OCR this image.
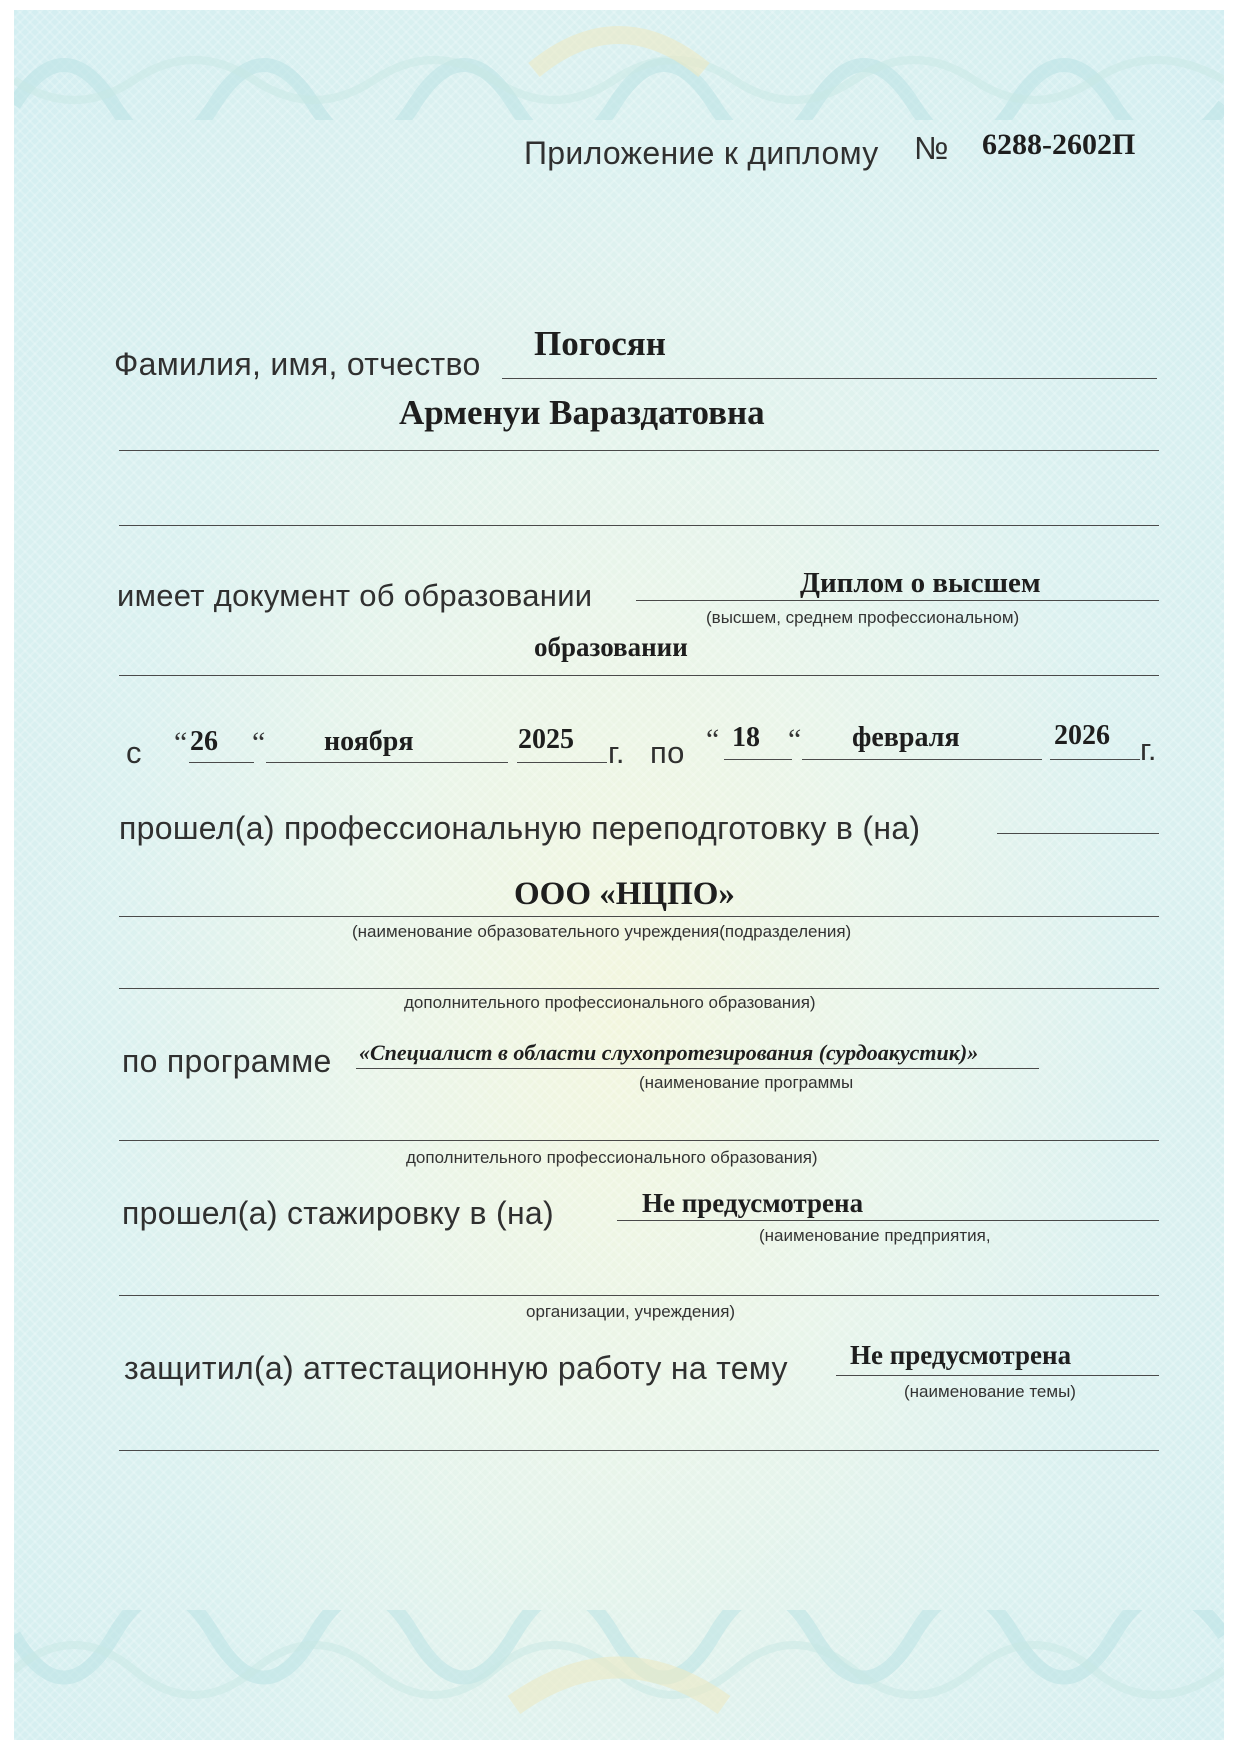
Приложение к диплому № 6288-2602П
Фамилия, имя, отчество
Погосян
Арменуи Вараздатовна
имеет документ об образовании	Диплом о высшем
(высшем, среднем профессиональном)
образовании
с “ 26 “ ноября	2025 г. по “ 18 “ февраля	2026 г.
прошел(а) профессиональную переподготовку в (на)
ООО «НЦПО»
(наименование образовательного учреждения(подразделения)
дополнительного профессионального образования)
по программе «Специалист в области слухопротезирования (сурдоакустик)»
(наименование программы
дополнительного профессионального образования)
прошел(а) стажировку в (на)	Не предусмотрена
(наименование предприятия,
организации, учреждения)
защитил(а) аттестационную работу на тему Не предусмотрена
(наименование темы)
